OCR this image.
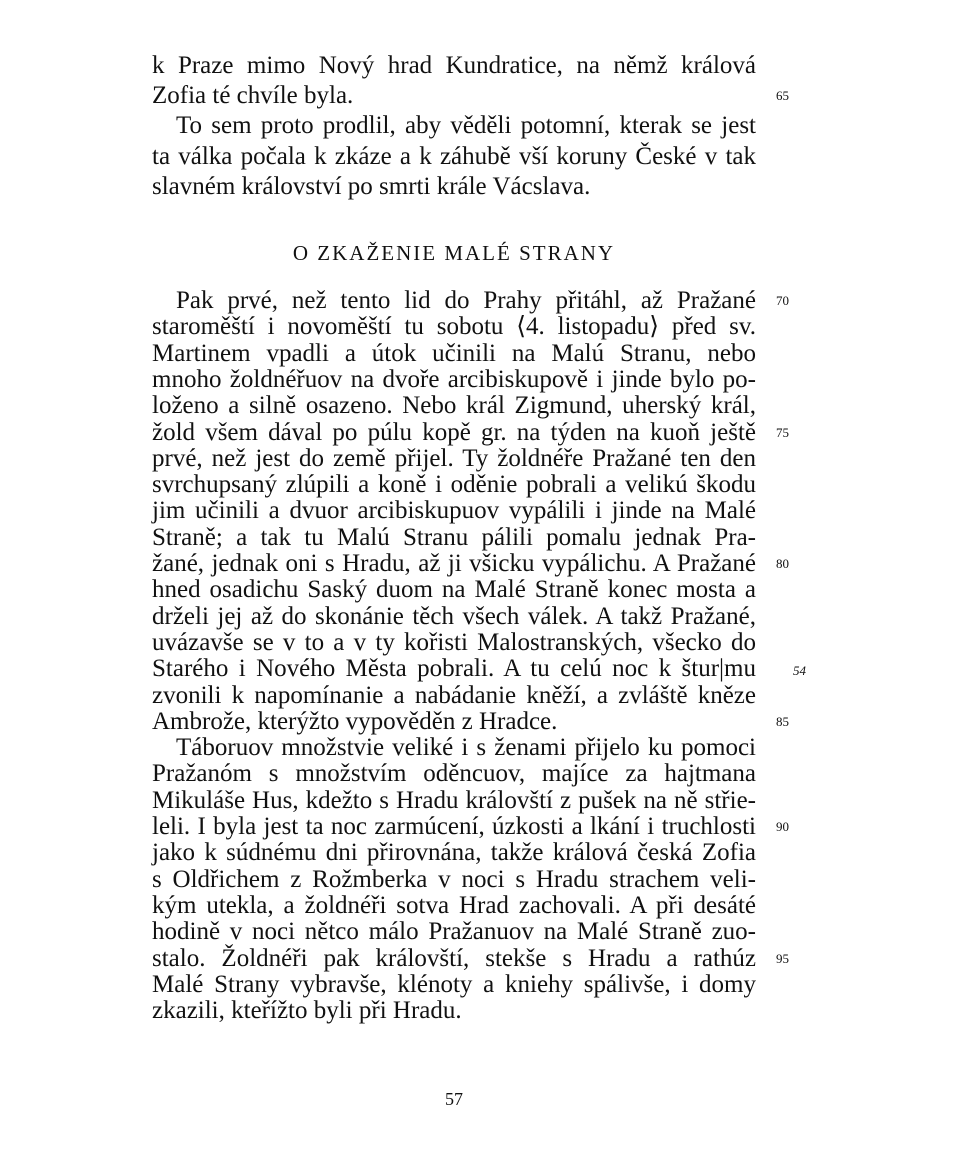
O ZKAŽENIE MALÉ STRANY
54
57
k Praze mimo Nový hrad Kundratice, na němž králová
Zofia té chvíle byla.
To sem proto prodlil, aby věděli potomní, kterak se jest
ta válka počala k zkáze a k záhubě vší koruny České v tak
slavném království po smrti krále Vácslava.
Pak prvé, než tento lid do Prahy přitáhl, až Pražané
staroměští i novoměští tu sobotu ⟨4. listopadu⟩ před sv.
Martinem vpadli a útok učinili na Malú Stranu, nebo
mnoho žoldnéřuov na dvoře arcibiskupově i jinde bylo po-
loženo a silně osazeno. Nebo král Zigmund, uherský král,
žold všem dával po púlu kopě gr. na týden na kuoň ještě
prvé, než jest do země přijel. Ty žoldnéře Pražané ten den
svrchupsaný zlúpili a koně i oděnie pobrali a velikú škodu
jim učinili a dvuor arcibiskupuov vypálili i jinde na Malé
Straně; a tak tu Malú Stranu pálili pomalu jednak Pra-
žané, jednak oni s Hradu, až ji všicku vypálichu. A Pražané
hned osadichu Saský duom na Malé Straně konec mosta a
drželi jej až do skonánie těch všech válek. A takž Pražané,
uvázavše se v to a v ty kořisti Malostranských, všecko do
Starého i Nového Města pobrali. A tu celú noc k štur|mu
zvonili k napomínanie a nabádanie kněží, a zvláště kněze
Ambrože, kterýžto vypověděn z Hradce.
Táboruov množstvie veliké i s ženami přijelo ku pomoci
Pražanóm s množstvím oděncuov, majíce za hajtmana
Mikuláše Hus, kdežto s Hradu královští z pušek na ně střie-
leli. I byla jest ta noc zarmúcení, úzkosti a lkání i truchlosti
jako k súdnému dni přirovnána, takže králová česká Zofia
s Oldřichem z Rožmberka v noci s Hradu strachem veli-
kým utekla, a žoldnéři sotva Hrad zachovali. A při desáté
hodině v noci nětco málo Pražanuov na Malé Straně zuo-
stalo. Žoldnéři pak královští, stekše s Hradu a rathúz
Malé Strany vybravše, klénoty a kniehy spálivše, i domy
zkazili, kteřížto byli při Hradu.
65
70
75
80
85
90
95
